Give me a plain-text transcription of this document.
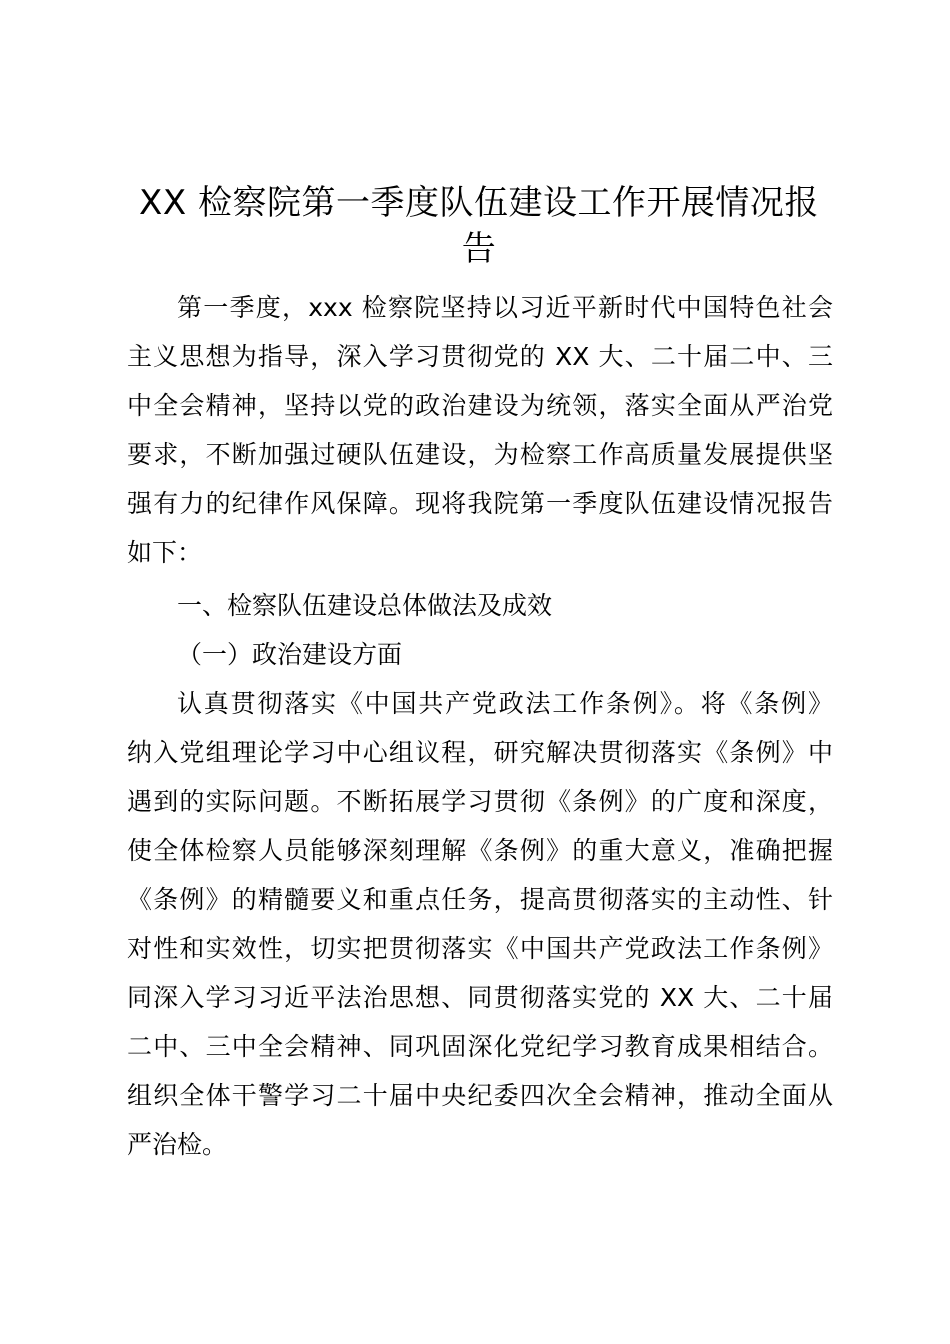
XX 检察院第一季度队伍建设工作开展情况报
告
第一季度，xxx 检察院坚持以习近平新时代中国特色社会
主义思想为指导，深入学习贯彻党的 XX 大、二十届二中、三
中全会精神，坚持以党的政治建设为统领，落实全面从严治党
要求，不断加强过硬队伍建设，为检察工作高质量发展提供坚
强有力的纪律作风保障。现将我院第一季度队伍建设情况报告
如下：
一、检察队伍建设总体做法及成效
（一）政治建设方面
认真贯彻落实《中国共产党政法工作条例》。将《条例》
纳入党组理论学习中心组议程，研究解决贯彻落实《条例》中
遇到的实际问题。不断拓展学习贯彻《条例》的广度和深度，
使全体检察人员能够深刻理解《条例》的重大意义，准确把握
《条例》的精髓要义和重点任务，提高贯彻落实的主动性、针
对性和实效性，切实把贯彻落实《中国共产党政法工作条例》
同深入学习习近平法治思想、同贯彻落实党的 XX 大、二十届
二中、三中全会精神、同巩固深化党纪学习教育成果相结合。
组织全体干警学习二十届中央纪委四次全会精神，推动全面从
严治检。
